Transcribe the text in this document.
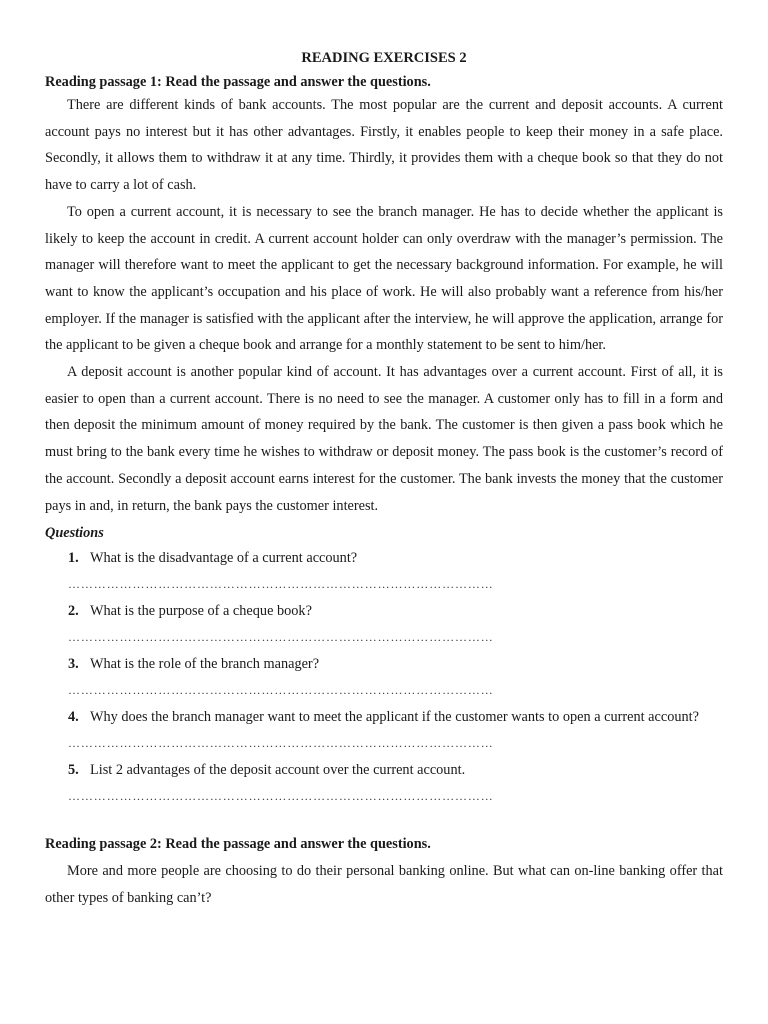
READING EXERCISES 2
Reading passage 1: Read the passage and answer the questions.

There are different kinds of bank accounts. The most popular are the current and deposit accounts. A current account pays no interest but it has other advantages. Firstly, it enables people to keep their money in a safe place. Secondly, it allows them to withdraw it at any time. Thirdly, it provides them with a cheque book so that they do not have to carry a lot of cash.

To open a current account, it is necessary to see the branch manager. He has to decide whether the applicant is likely to keep the account in credit. A current account holder can only overdraw with the manager’s permission. The manager will therefore want to meet the applicant to get the necessary background information. For example, he will want to know the applicant’s occupation and his place of work. He will also probably want a reference from his/her employer. If the manager is satisfied with the applicant after the interview, he will approve the application, arrange for the applicant to be given a cheque book and arrange for a monthly statement to be sent to him/her.

A deposit account is another popular kind of account. It has advantages over a current account. First of all, it is easier to open than a current account. There is no need to see the manager. A customer only has to fill in a form and then deposit the minimum amount of money required by the bank. The customer is then given a pass book which he must bring to the bank every time he wishes to withdraw or deposit money. The pass book is the customer’s record of the account. Secondly a deposit account earns interest for the customer. The bank invests the money that the customer pays in and, in return, the bank pays the customer interest.

Questions
1. What is the disadvantage of a current account?
………………………………………………………………………………………
2. What is the purpose of a cheque book?
………………………………………………………………………………………
3. What is the role of the branch manager?
………………………………………………………………………………………
4. Why does the branch manager want to meet the applicant if the customer wants to open a current account?
………………………………………………………………………………………
5. List 2 advantages of the deposit account over the current account.
………………………………………………………………………………………
Reading passage 2: Read the passage and answer the questions.

More and more people are choosing to do their personal banking online. But what can on-line banking offer that other types of banking can’t?
